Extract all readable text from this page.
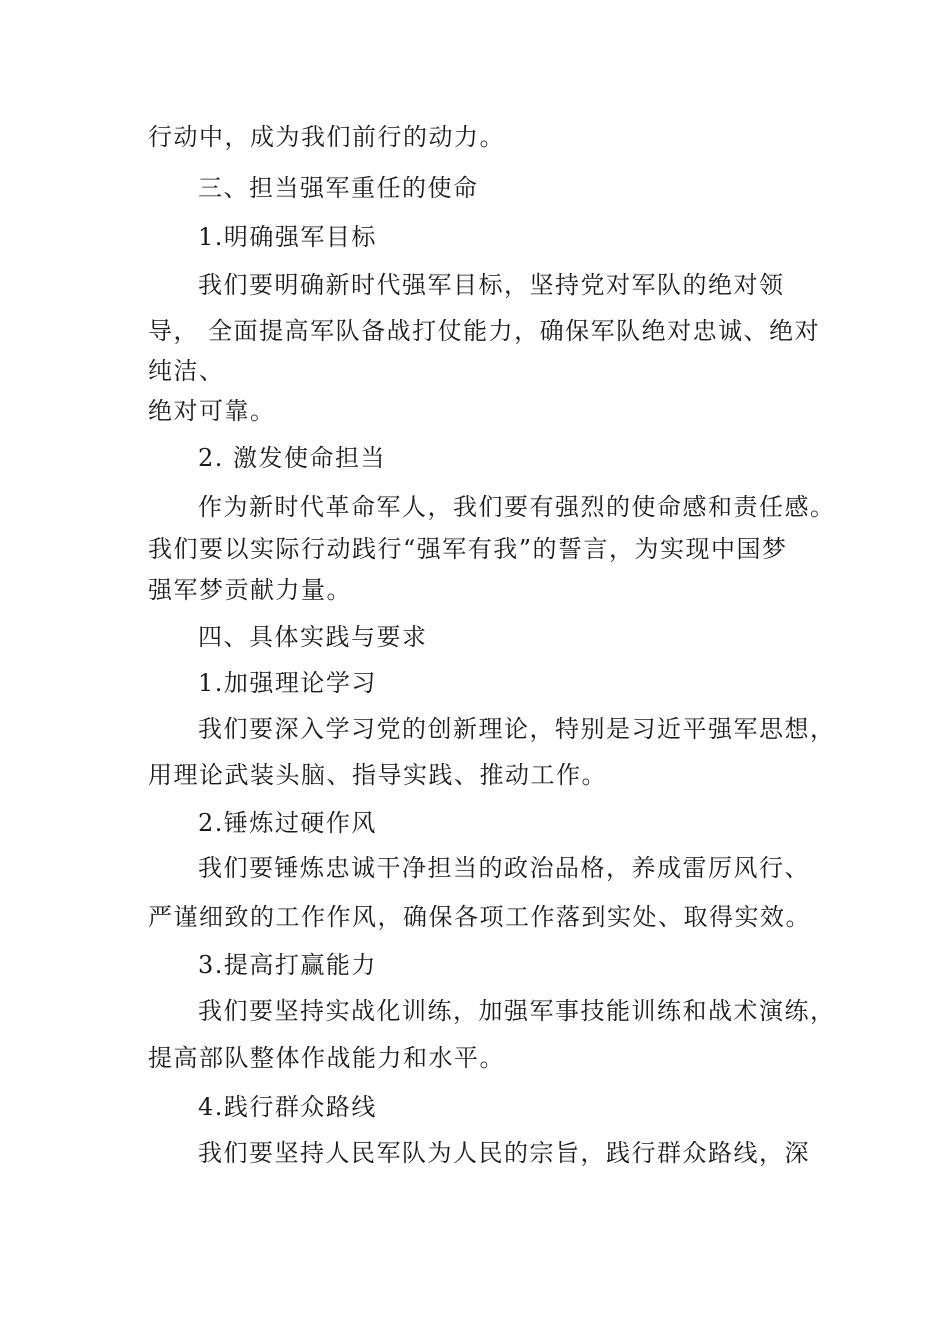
行动中，成为我们前行的动力。
三、担当强军重任的使命
1.明确强军目标
我们要明确新时代强军目标，坚持党对军队的绝对领
导， 全面提高军队备战打仗能力，确保军队绝对忠诚、绝对
纯洁、
绝对可靠。
2. 激发使命担当
作为新时代革命军人，我们要有强烈的使命感和责任感。
我们要以实际行动践行“强军有我”的誓言，为实现中国梦
强军梦贡献力量。
四、具体实践与要求
1.加强理论学习
我们要深入学习党的创新理论，特别是习近平强军思想，
用理论武装头脑、指导实践、推动工作。
2.锤炼过硬作风
我们要锤炼忠诚干净担当的政治品格，养成雷厉风行、
严谨细致的工作作风，确保各项工作落到实处、取得实效。
3.提高打赢能力
我们要坚持实战化训练，加强军事技能训练和战术演练，
提高部队整体作战能力和水平。
4.践行群众路线
我们要坚持人民军队为人民的宗旨，践行群众路线，深
